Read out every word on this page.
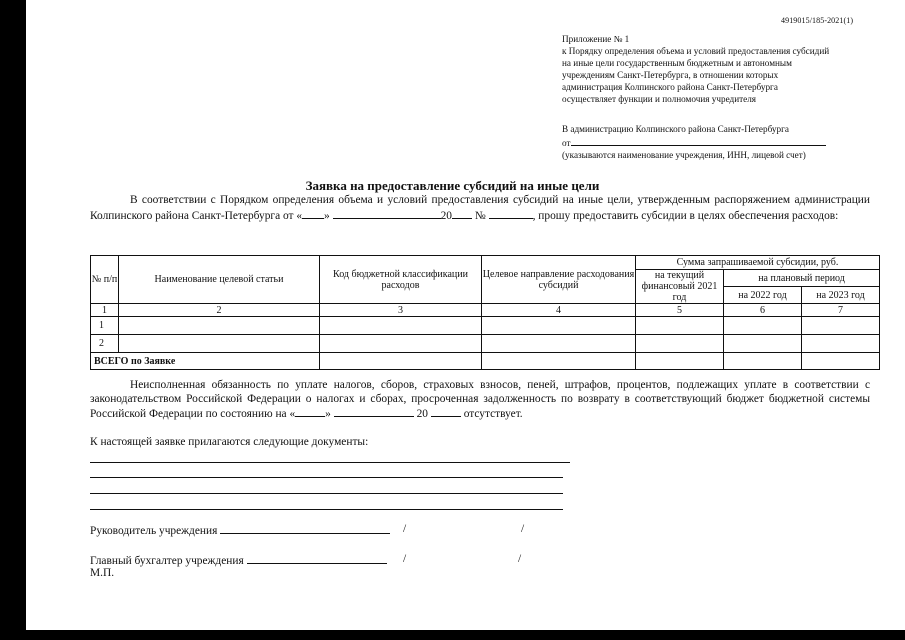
4919015/185-2021(1)
Приложение № 1
к Порядку определения объема и условий предоставления субсидий
на иные цели государственным бюджетным и автономным
учреждениям Санкт-Петербурга, в отношении которых
администрация Колпинского района Санкт-Петербурга
осуществляет функции и полномочия учредителя
В администрацию Колпинского района Санкт-Петербурга
от
(указываются наименование учреждения, ИНН, лицевой счет)
Заявка на предоставление субсидий на иные цели
В соответствии с Порядком определения объема и условий предоставления субсидий на иные цели, утвержденным распоряжением администрации Колпинского района Санкт-Петербурга от « »	20 №	, прошу предоставить субсидии в целях обеспечения расходов:
№ п/п	Наименование целевой статьи	Код бюджетной классификации расходов	Целевое направление расходования субсидий	Сумма запрашиваемой субсидии, руб.		
				на текущий финансовый 2021 год	на плановый период	
					на 2022 год	на 2023 год
1	2	3	4	5	6	7
1						
2						
ВСЕГО по Заявке						
Неисполненная обязанность по уплате налогов, сборов, страховых взносов, пеней, штрафов, процентов, подлежащих уплате в соответствии с законодательством Российской Федерации о налогах и сборах, просроченная задолженность по возврату в соответствующий бюджет бюджетной системы Российской Федерации по состоянию на «	»	20	отсутствует.
К настоящей заявке прилагаются следующие документы:
Руководитель учреждения	/	/
Главный бухгалтер учреждения	/	/
М.П.
